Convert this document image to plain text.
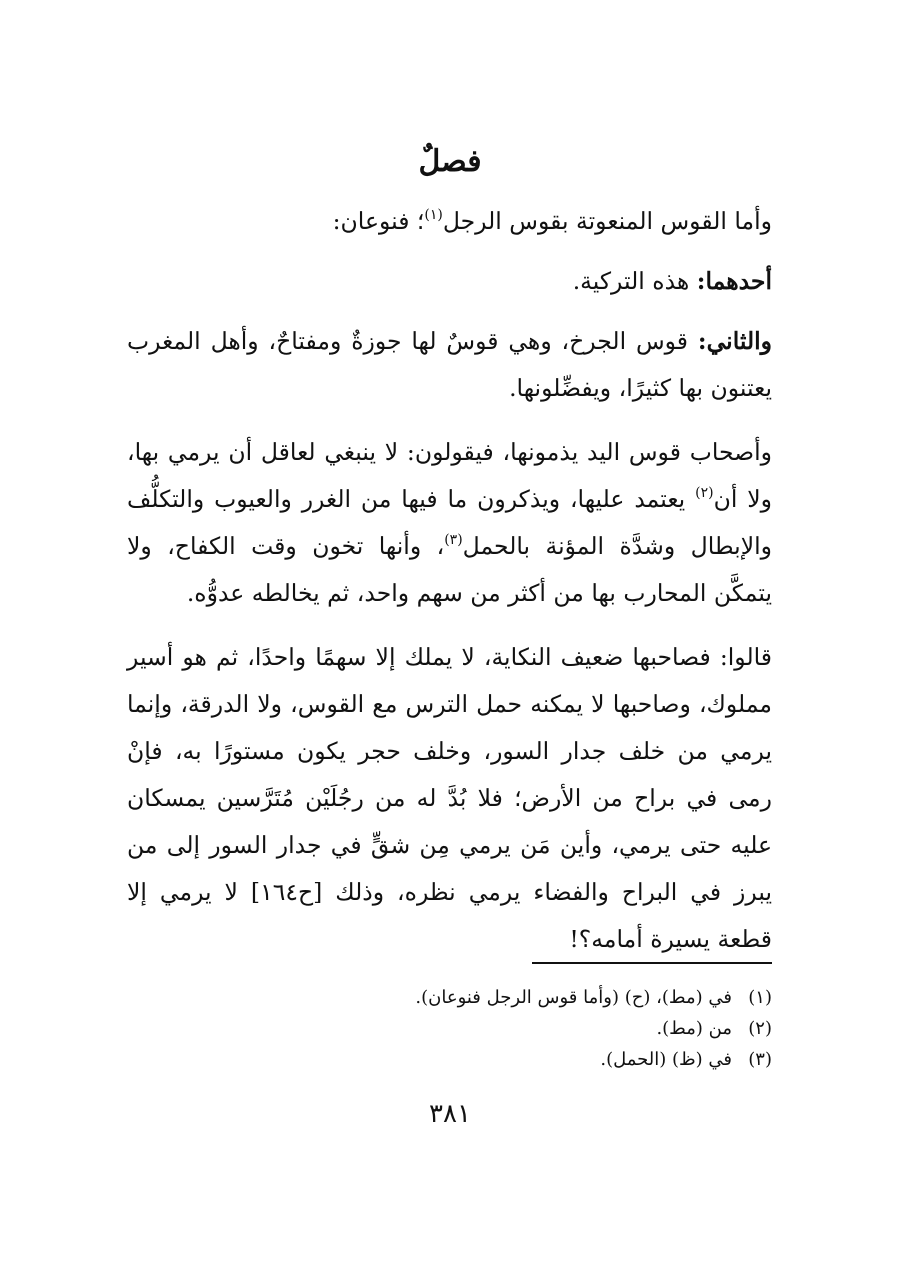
فصلٌ

وأما القوس المنعوتة بقوس الرجل$^{(١)}$؛ فنوعان:

أحدهما: هذه التركية.

والثاني: قوس الجرخ، وهي قوسٌ لها جوزةٌ ومفتاحٌ، وأهل المغرب يعتنون بها كثيرًا، ويفضِّلونها.

وأصحاب قوس اليد يذمونها، فيقولون: لا ينبغي لعاقل أن يرمي بها، ولا أن$^{(٢)}$ يعتمد عليها، ويذكرون ما فيها من الغرر والعيوب والتكلُّف والإبطال وشدَّة المؤنة بالحمل$^{(٣)}$، وأنها تخون وقت الكفاح، ولا يتمكَّن المحارب بها من أكثر من سهم واحد، ثم يخالطه عدوُّه.

قالوا: فصاحبها ضعيف النكاية، لا يملك إلا سهمًا واحدًا، ثم هو أسير مملوك، وصاحبها لا يمكنه حمل الترس مع القوس، ولا الدرقة، وإنما يرمي من خلف جدار السور، وخلف حجر يكون مستورًا به، فإنْ رمى في براح من الأرض؛ فلا بُدَّ له من رجُلَيْن مُتَرَّسين يمسكان عليه حتى يرمي، وأين مَن يرمي مِن شقٍّ في جدار السور إلى من يبرز في البراح والفضاء يرمي نظره، وذلك [ح١٦٤] لا يرمي إلا قطعة يسيرة أمامه؟!

(١)في (مط)، (ح) (وأما قوس الرجل فنوعان).
(٢)من (مط).
(٣)في (ظ) (الحمل).
٣٨١
